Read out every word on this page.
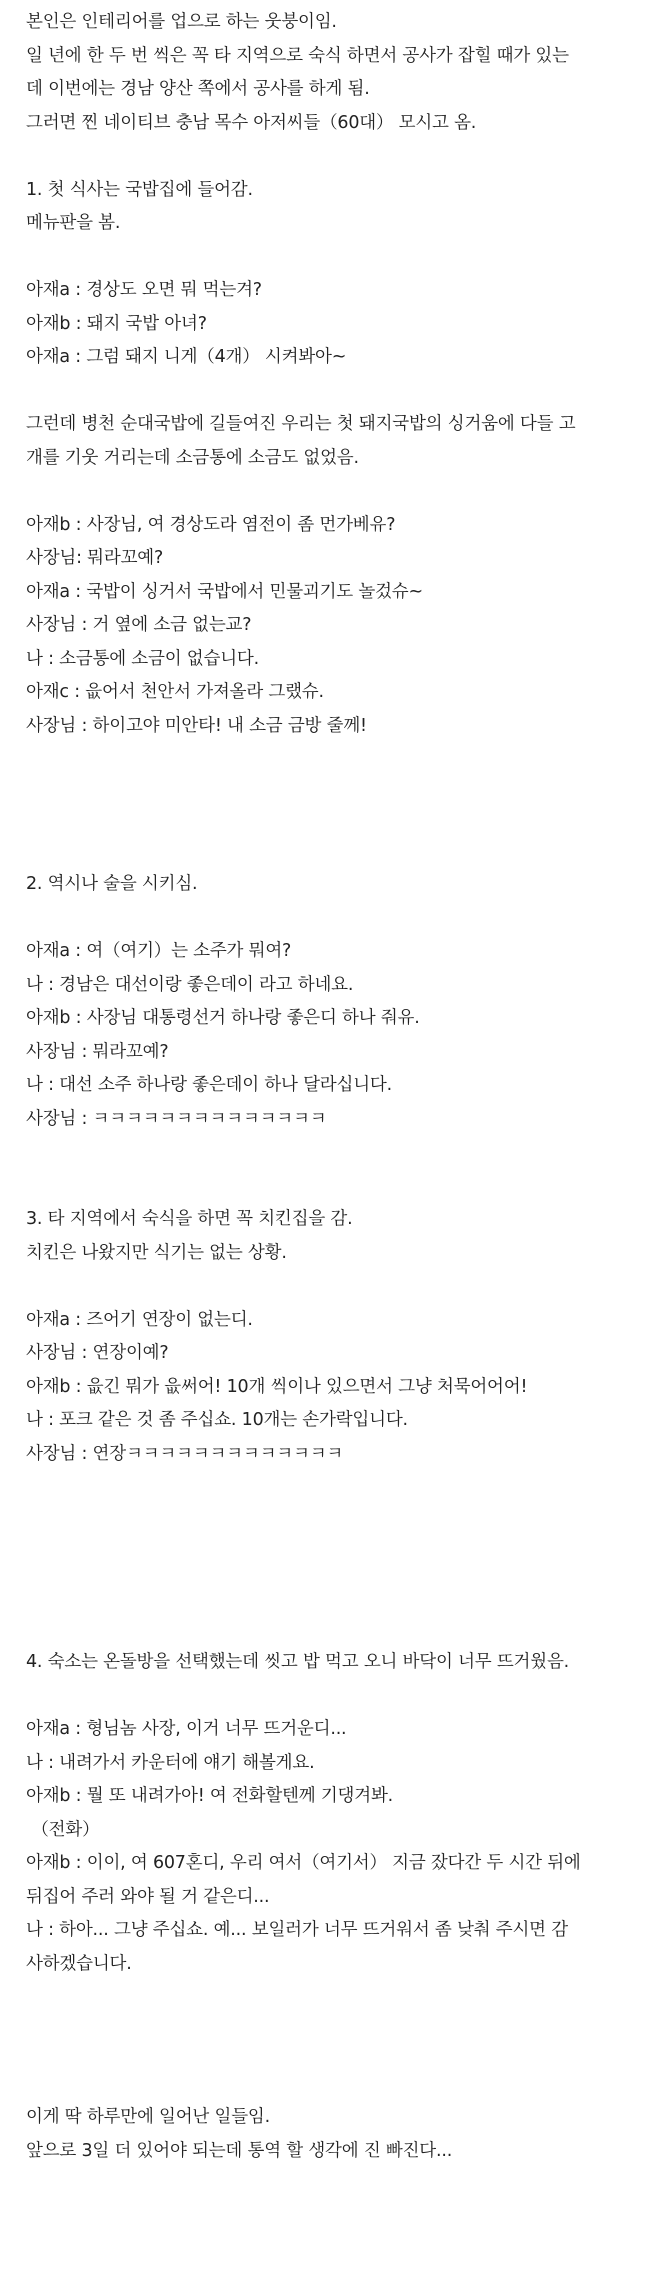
본인은 인테리어를 업으로 하는 웃붕이임.
일 년에 한 두 번 씩은 꼭 타 지역으로 숙식 하면서 공사가 잡힐 때가 있는
데 이번에는 경남 양산 쪽에서 공사를 하게 됨.
그러면 찐 네이티브 충남 목수 아저씨들（60대） 모시고 옴.
1. 첫 식사는 국밥집에 들어감.
메뉴판을 봄.
아재a : 경상도 오면 뭐 먹는겨?
아재b : 돼지 국밥 아녀?
아재a : 그럼 돼지 니게（4개） 시켜봐아~
그런데 병천 순대국밥에 길들여진 우리는 첫 돼지국밥의 싱거움에 다들 고
개를 기웃 거리는데 소금통에 소금도 없었음.
아재b : 사장님, 여 경상도라 염전이 좀 먼가베유?
사장님: 뭐라꼬예?
아재a : 국밥이 싱거서 국밥에서 민물괴기도 놀겄슈~
사장님 : 거 옆에 소금 없는교?
나 : 소금통에 소금이 없습니다.
아재c : 읎어서 천안서 가져올라 그랬슈.
사장님 : 하이고야 미안타! 내 소금 금방 줄께!
2. 역시나 술을 시키심.
아재a : 여（여기）는 소주가 뭐여?
나 : 경남은 대선이랑 좋은데이 라고 하네요.
아재b : 사장님 대통령선거 하나랑 좋은디 하나 줘유.
사장님 : 뭐라꼬예?
나 : 대선 소주 하나랑 좋은데이 하나 달라십니다.
사장님 : ㅋㅋㅋㅋㅋㅋㅋㅋㅋㅋㅋㅋㅋㅋ
3. 타 지역에서 숙식을 하면 꼭 치킨집을 감.
치킨은 나왔지만 식기는 없는 상황.
아재a : 즈어기 연장이 없는디.
사장님 : 연장이예?
아재b : 읎긴 뭐가 읎써어! 10개 씩이나 있으면서 그냥 처묵어어어!
나 : 포크 같은 것 좀 주십쇼. 10개는 손가락입니다.
사장님 : 연장ㅋㅋㅋㅋㅋㅋㅋㅋㅋㅋㅋㅋㅋ
4. 숙소는 온돌방을 선택했는데 씻고 밥 먹고 오니 바닥이 너무 뜨거웠음.
아재a : 형님놈 사장, 이거 너무 뜨거운디...
나 : 내려가서 카운터에 얘기 해볼게요.
아재b : 뭘 또 내려가아! 여 전화할텐께 기댕겨봐.
（전화）
아재b : 이이, 여 607혼디, 우리 여서（여기서） 지금 잤다간 두 시간 뒤에
뒤집어 주러 와야 될 거 같은디...
나 : 하아... 그냥 주십쇼. 예... 보일러가 너무 뜨거워서 좀 낮춰 주시면 감
사하겠습니다.
이게 딱 하루만에 일어난 일들임.
앞으로 3일 더 있어야 되는데 통역 할 생각에 진 빠진다...
